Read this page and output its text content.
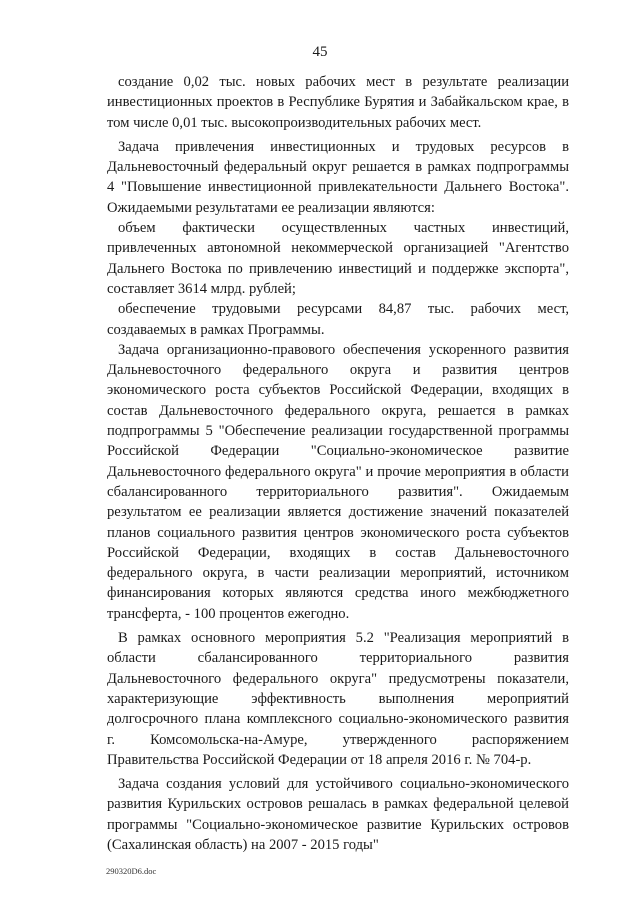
45

создание 0,02 тыс. новых рабочих мест в результате реализации инвестиционных проектов в Республике Бурятия и Забайкальском крае, в том числе 0,01 тыс. высокопроизводительных рабочих мест.

Задача привлечения инвестиционных и трудовых ресурсов в Дальневосточный федеральный округ решается в рамках подпрограммы 4 "Повышение инвестиционной привлекательности Дальнего Востока". Ожидаемыми результатами ее реализации являются:

объем фактически осуществленных частных инвестиций, привлеченных автономной некоммерческой организацией "Агентство Дальнего Востока по привлечению инвестиций и поддержке экспорта", составляет 3614 млрд. рублей;

обеспечение трудовыми ресурсами 84,87 тыс. рабочих мест, создаваемых в рамках Программы.

Задача организационно-правового обеспечения ускоренного развития Дальневосточного федерального округа и развития центров экономического роста субъектов Российской Федерации, входящих в состав Дальневосточного федерального округа, решается в рамках подпрограммы 5 "Обеспечение реализации государственной программы Российской Федерации "Социально-экономическое развитие Дальневосточного федерального округа" и прочие мероприятия в области сбалансированного территориального развития". Ожидаемым результатом ее реализации является достижение значений показателей планов социального развития центров экономического роста субъектов Российской Федерации, входящих в состав Дальневосточного федерального округа, в части реализации мероприятий, источником финансирования которых являются средства иного межбюджетного трансферта, - 100 процентов ежегодно.

В рамках основного мероприятия 5.2 "Реализация мероприятий в области сбалансированного территориального развития Дальневосточного федерального округа" предусмотрены показатели, характеризующие эффективность выполнения мероприятий долгосрочного плана комплексного социально-экономического развития г. Комсомольска-на-Амуре, утвержденного распоряжением Правительства Российской Федерации от 18 апреля 2016 г. № 704-р.

Задача создания условий для устойчивого социально-экономического развития Курильских островов решалась в рамках федеральной целевой программы "Социально-экономическое развитие Курильских островов (Сахалинская область) на 2007 - 2015 годы"

290320D6.doc
